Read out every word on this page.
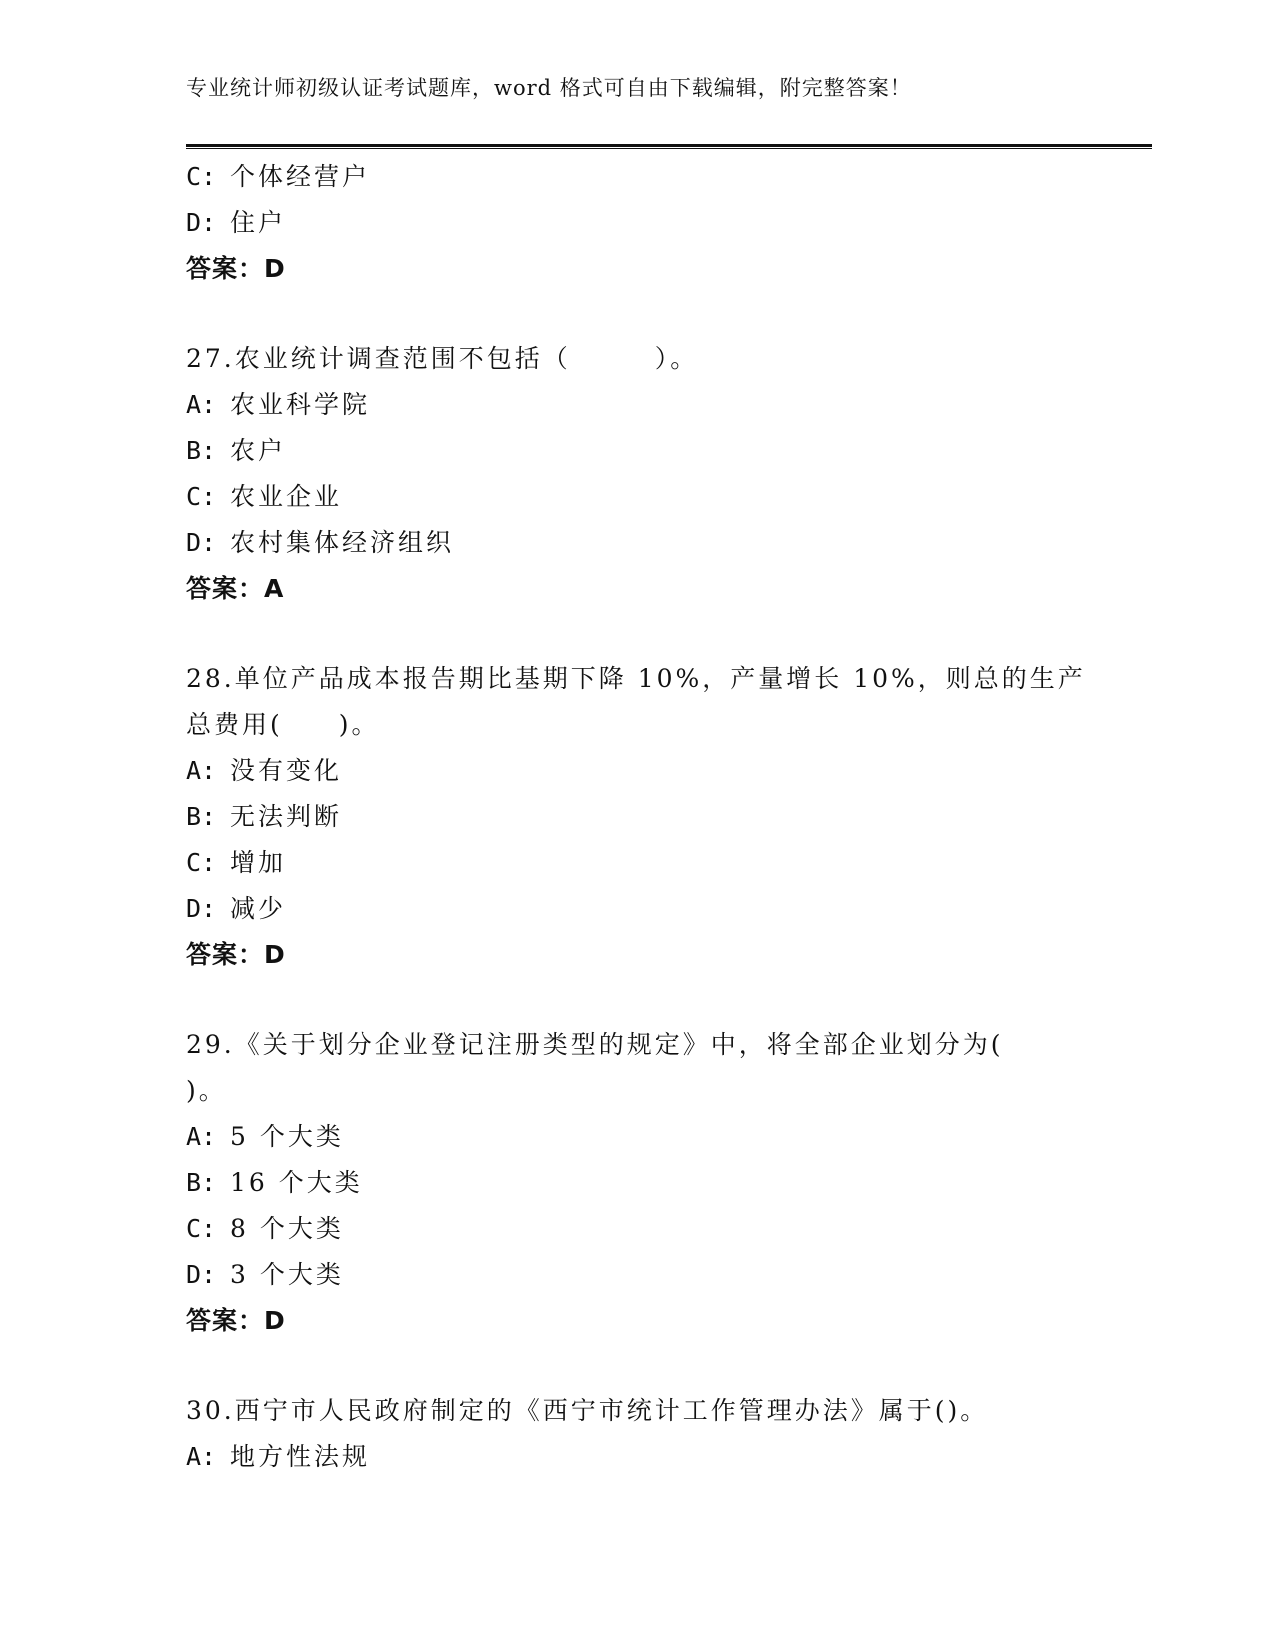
专业统计师初级认证考试题库，word 格式可自由下载编辑，附完整答案！
C: 个体经营户
D: 住户
答案：D
27.农业统计调查范围不包括（　　　）。
A: 农业科学院
B: 农户
C: 农业企业
D: 农村集体经济组织
答案：A
28.单位产品成本报告期比基期下降 10%，产量增长 10%，则总的生产
总费用(　　)。
A: 没有变化
B: 无法判断
C: 增加
D: 减少
答案：D
29.《关于划分企业登记注册类型的规定》中，将全部企业划分为(
)。
A: 5 个大类
B: 16 个大类
C: 8 个大类
D: 3 个大类
答案：D
30.西宁市人民政府制定的《西宁市统计工作管理办法》属于()。
A: 地方性法规
